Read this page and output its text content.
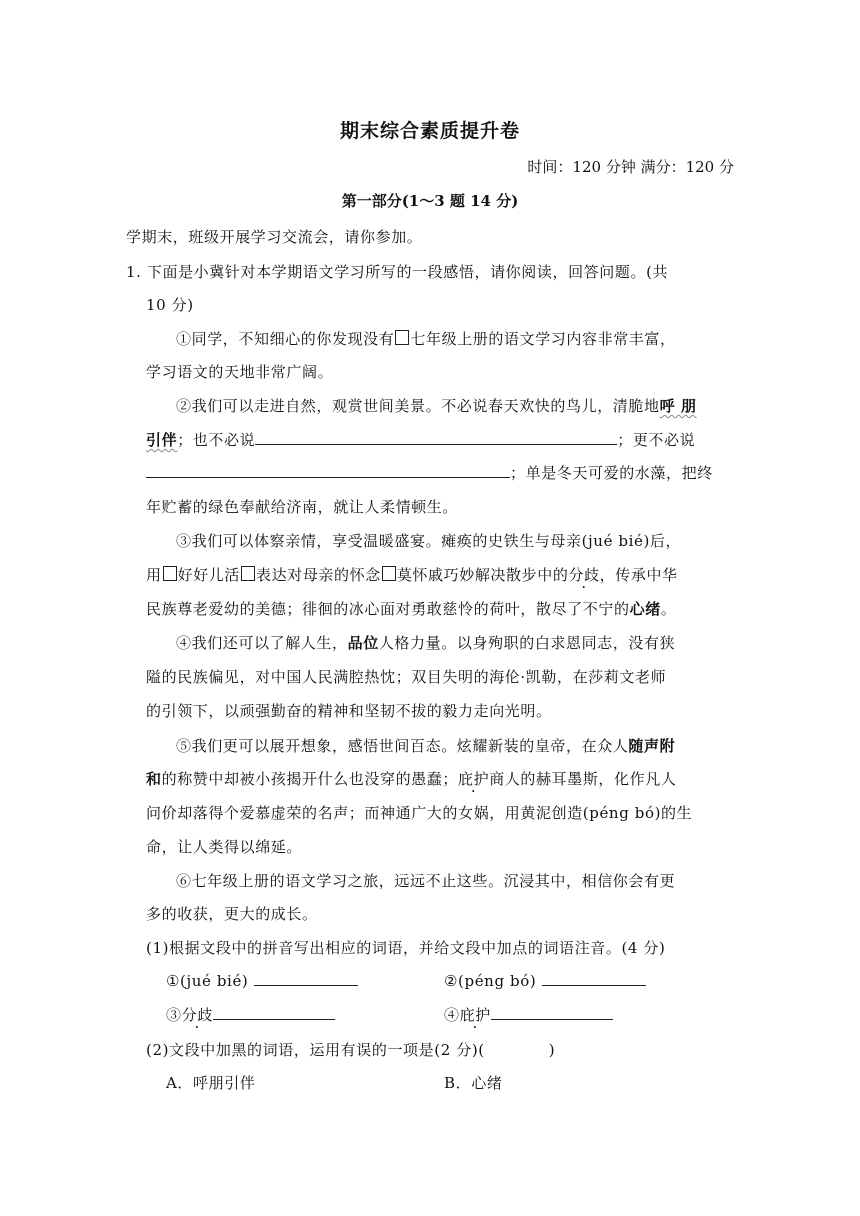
期末综合素质提升卷
时间：120 分钟 满分：120 分
第一部分(1～3 题 14 分)
学期末，班级开展学习交流会，请你参加。
1. 下面是小冀针对本学期语文学习所写的一段感悟，请你阅读，回答问题。(共
10 分)
①同学，不知细心的你发现没有 七年级上册的语文学习内容非常丰富，
学习语文的天地非常广阔。
②我们可以走进自然，观赏世间美景。不必说春天欢快的鸟儿，清脆地呼 朋
引伴；也不必说	；更不必说
；单是冬天可爱的水藻，把终
年贮蓄的绿色奉献给济南，就让人柔情顿生。
③我们可以体察亲情，享受温暖盛宴。瘫痪的史铁生与母亲(jué bié)后，
用 好好儿活 表达对母亲的怀念 莫怀戚巧妙解决散步中的分歧，传承中华
民族尊老爱幼的美德；徘徊的冰心面对勇敢慈怜的荷叶，散尽了不宁的心绪。
④我们还可以了解人生，品位人格力量。以身殉职的白求恩同志，没有狭
隘的民族偏见，对中国人民满腔热忱；双目失明的海伦·凯勒，在莎莉文老师
的引领下，以顽强勤奋的精神和坚韧不拔的毅力走向光明。
⑤我们更可以展开想象，感悟世间百态。炫耀新装的皇帝，在众人随声附
和的称赞中却被小孩揭开什么也没穿的愚蠢；庇护商人的赫耳墨斯，化作凡人
问价却落得个爱慕虚荣的名声；而神通广大的女娲，用黄泥创造(péng bó)的生
命，让人类得以绵延。
⑥七年级上册的语文学习之旅，远远不止这些。沉浸其中，相信你会有更
多的收获，更大的成长。
(1)根据文段中的拼音写出相应的词语，并给文段中加点的词语注音。(4 分)
①(jué bié)	②(péng bó)
③分歧	④庇护
(2)文段中加黑的词语，运用有误的一项是(2 分)(	)
A．呼朋引伴	B．心绪
